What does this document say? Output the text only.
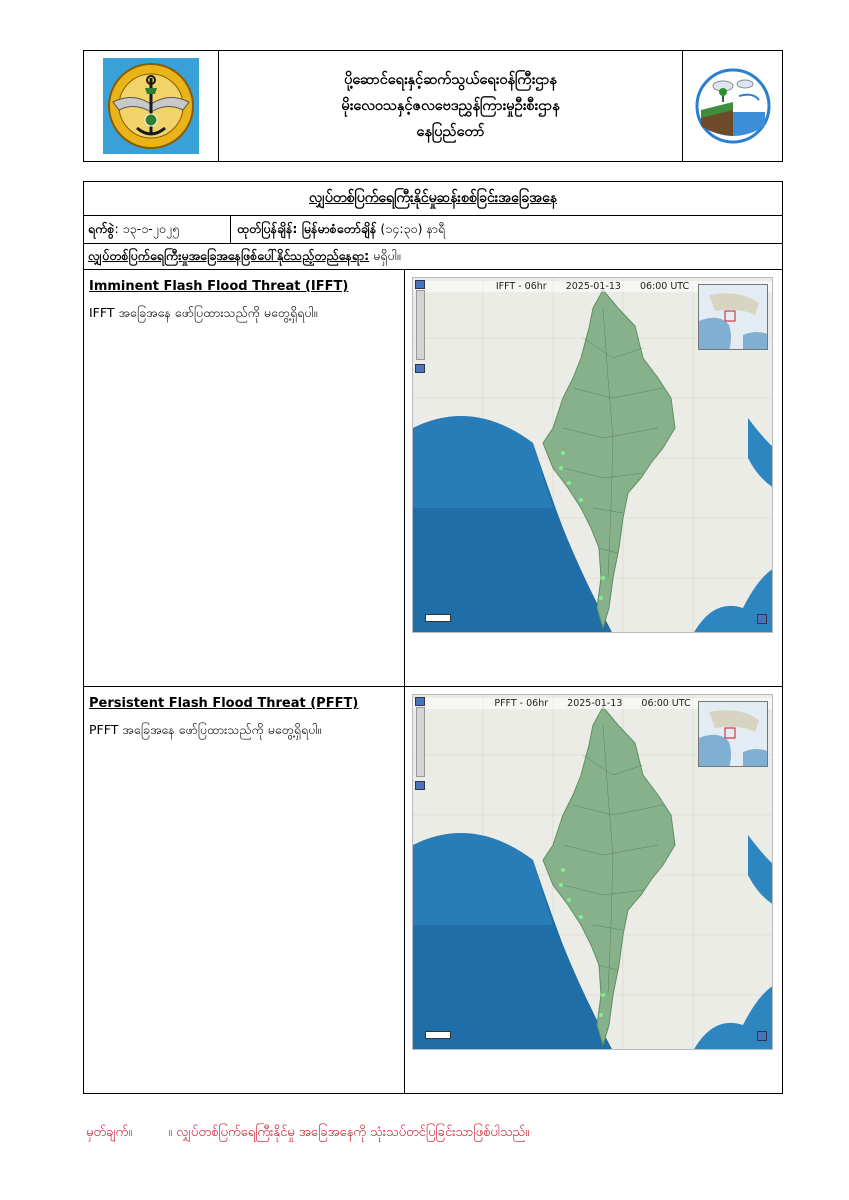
ပို့ဆောင်ရေးနှင့်ဆက်သွယ်ရေးဝန်ကြီးဌာန
မိုးလေဝသနှင့်ဇလဗေဒညွှန်ကြားမှုဦးစီးဌာန
နေပြည်တော်
လျှပ်တစ်ပြက်ရေကြီးနိုင်မှုဆန်းစစ်ခြင်းအခြေအနေ
ရက်စွဲ: ၁၃-၁-၂၀၂၅	ထုတ်ပြန်ချိန်: မြန်မာစံတော်ချိန် (၁၄:၃၀) နာရီ
လျှပ်တစ်ပြက်ရေကြီးမှုအခြေအနေဖြစ်ပေါ်နိုင်သည့်တည်နေရာ: မရှိပါ။
Imminent Flash Flood Threat (IFFT)
IFFT အခြေအနေ ဖော်ပြထားသည်ကို မတွေ့ရှိရပါ။
IFFT - 06hr 2025-01-13 06:00 UTC
Persistent Flash Flood Threat (PFFT)
PFFT အခြေအနေ ဖော်ပြထားသည်ကို မတွေ့ရှိရပါ။
PFFT - 06hr 2025-01-13 06:00 UTC
မှတ်ချက်။	။ လျှပ်တစ်ပြက်ရေကြီးနိုင်မှု အခြေအနေကို သုံးသပ်တင်ပြခြင်းသာဖြစ်ပါသည်။
